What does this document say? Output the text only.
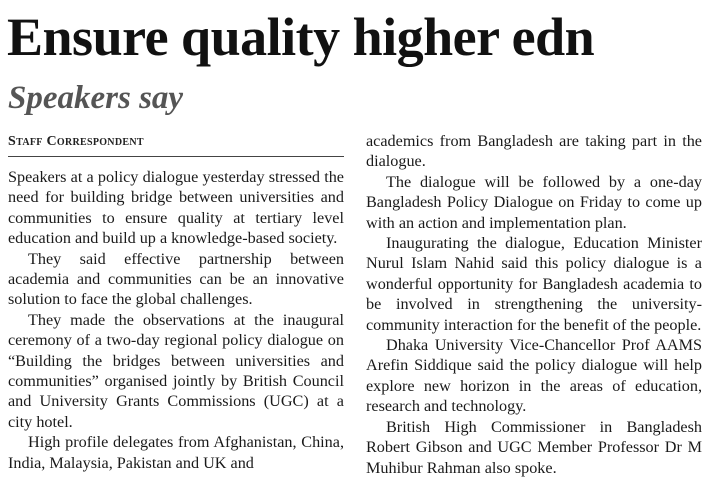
Ensure quality higher edn
Speakers say
Staff Correspondent

Speakers at a policy dialogue yesterday stressed the need for building bridge between universities and communities to ensure quality at tertiary level education and build up a knowledge-based society.

They said effective partnership between academia and communities can be an innovative solution to face the global challenges.

They made the observations at the inaugural ceremony of a two-day regional policy dialogue on “Building the bridges between universities and communities” organised jointly by British Council and University Grants Commissions (UGC) at a city hotel.

High profile delegates from Afghanistan, China, India, Malaysia, Pakistan and UK and

academics from Bangladesh are taking part in the dialogue.

The dialogue will be followed by a one-day Bangladesh Policy Dialogue on Friday to come up with an action and implementation plan.

Inaugurating the dialogue, Education Minister Nurul Islam Nahid said this policy dialogue is a wonderful opportunity for Bangladesh academia to be involved in strengthening the university-community interaction for the benefit of the people.

Dhaka University Vice-Chancellor Prof AAMS Arefin Siddique said the policy dialogue will help explore new horizon in the areas of education, research and technology.

British High Commissioner in Bangladesh Robert Gibson and UGC Member Professor Dr M Muhibur Rahman also spoke.
